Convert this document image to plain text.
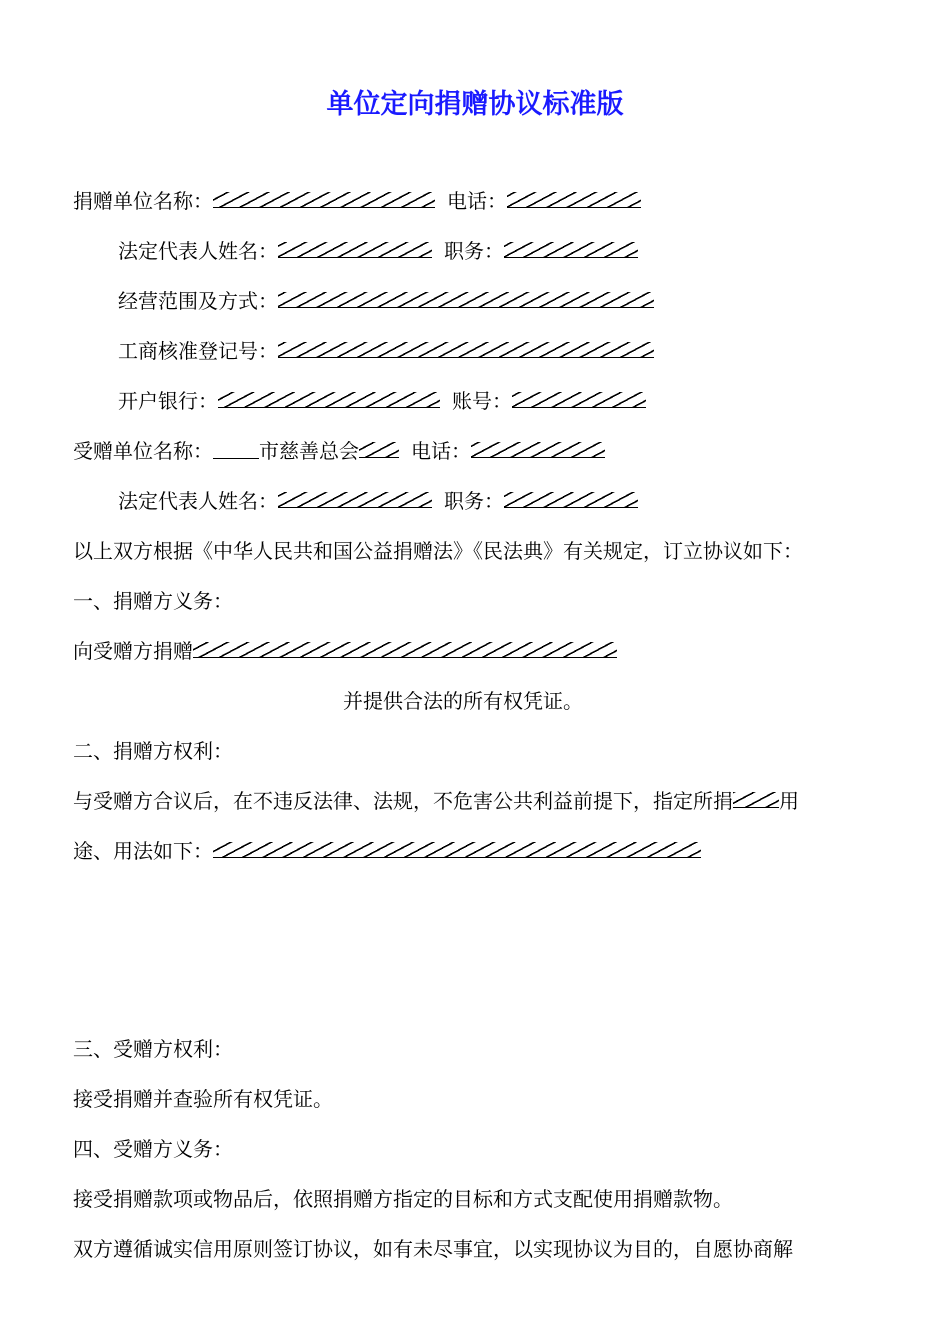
单位定向捐赠协议标准版
捐赠单位名称：	电话：
法定代表人姓名：	职务：
经营范围及方式：
工商核准登记号：
开户银行：	账号：
受赠单位名称： 市慈善总会	电话：
法定代表人姓名：	职务：
以上双方根据《中华人民共和国公益捐赠法》《民法典》有关规定，订立协议如下：
一、捐赠方义务：
向受赠方捐赠
并提供合法的所有权凭证。
二、捐赠方权利：
与受赠方合议后，在不违反法律、法规，不危害公共利益前提下，指定所捐 用
途、用法如下：
三、受赠方权利：
接受捐赠并查验所有权凭证。
四、受赠方义务：
接受捐赠款项或物品后，依照捐赠方指定的目标和方式支配使用捐赠款物。
双方遵循诚实信用原则签订协议，如有未尽事宜，以实现协议为目的，自愿协商解
